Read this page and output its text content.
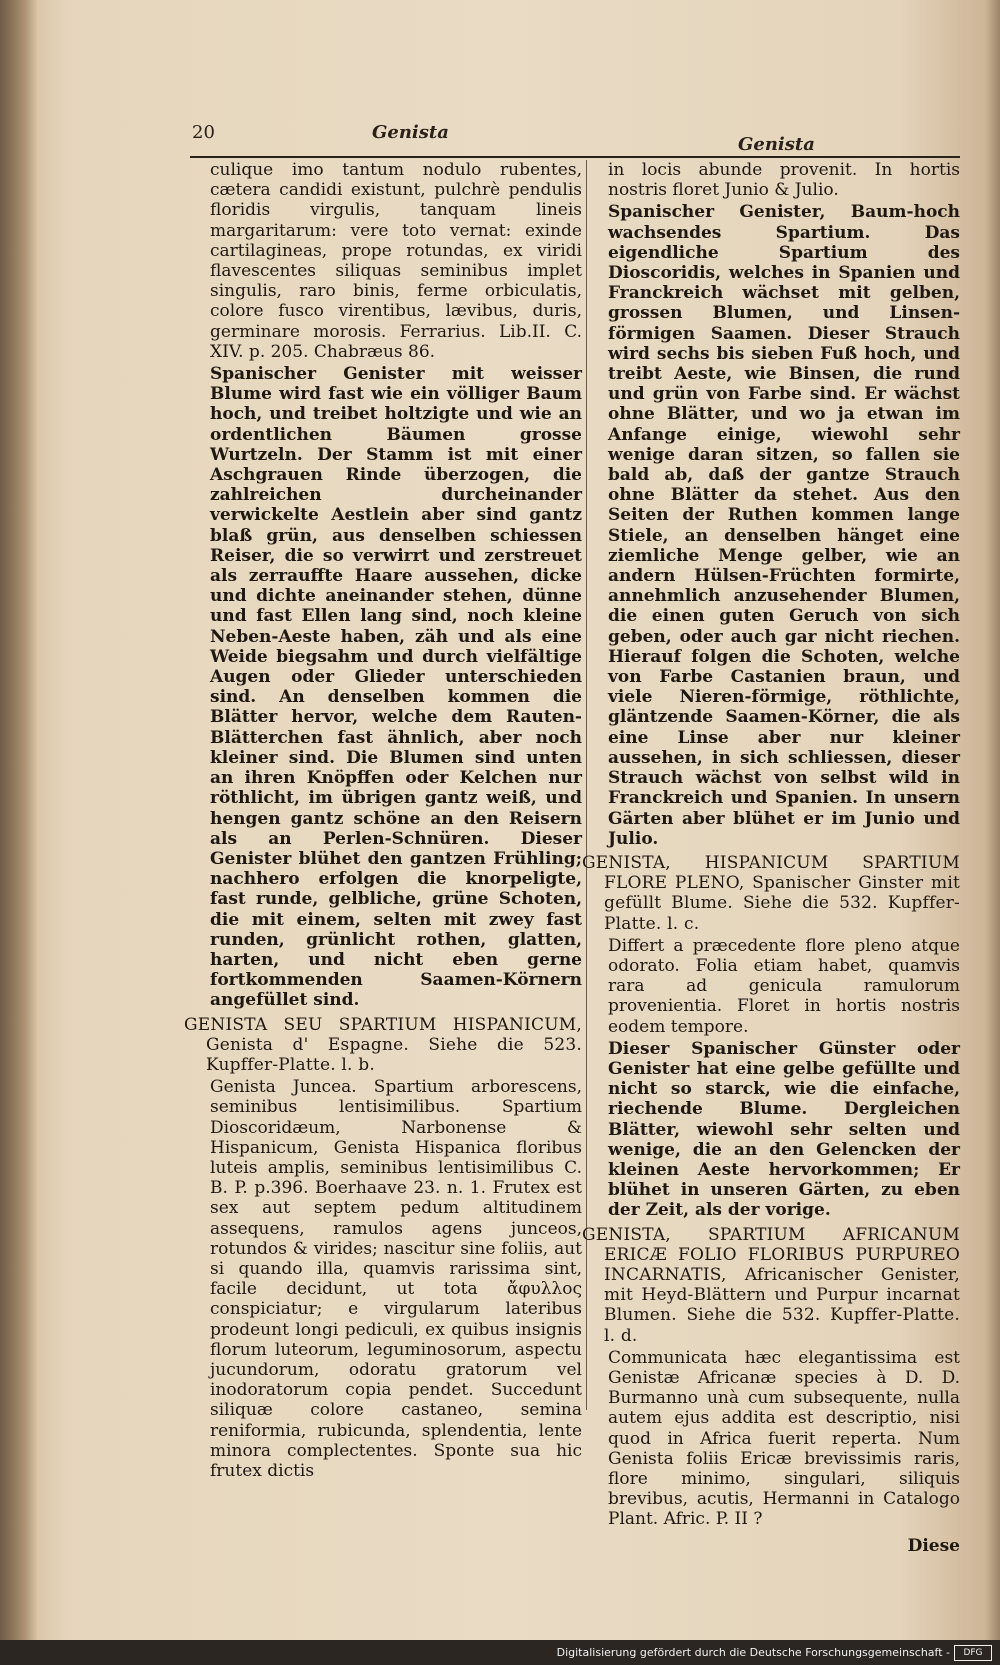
20	Genista
Genista

culique imo tantum nodulo rubentes, cætera candidi existunt, pulchrè pendulis floridis virgulis, tanquam lineis margaritarum: vere toto vernat: exinde cartilagineas, prope rotundas, ex viridi flavescentes siliquas seminibus implet singulis, raro binis, ferme orbiculatis, colore fusco virentibus, lævibus, duris, germinare morosis. Ferrarius. Lib.II. C. XIV. p. 205. Chabræus 86.

Spanischer Genister mit weisser Blume wird fast wie ein völliger Baum hoch, und treibet holtzigte und wie an ordentlichen Bäumen grosse Wurtzeln. Der Stamm ist mit einer Aschgrauen Rinde überzogen, die zahlreichen durcheinander verwickelte Aestlein aber sind gantz blaß grün, aus denselben schiessen Reiser, die so verwirrt und zerstreuet als zerrauffte Haare aussehen, dicke und dichte aneinander stehen, dünne und fast Ellen lang sind, noch kleine Neben-Aeste haben, zäh und als eine Weide biegsahm und durch vielfältige Augen oder Glieder unterschieden sind. An denselben kommen die Blätter hervor, welche dem Rauten-Blätterchen fast ähnlich, aber noch kleiner sind. Die Blumen sind unten an ihren Knöpffen oder Kelchen nur röthlicht, im übrigen gantz weiß, und hengen gantz schöne an den Reisern als an Perlen-Schnüren. Dieser Genister blühet den gantzen Frühling; nachhero erfolgen die knorpeligte, fast runde, gelbliche, grüne Schoten, die mit einem, selten mit zwey fast runden, grünlicht rothen, glatten, harten, und nicht eben gerne fortkommenden Saamen-Körnern angefüllet sind.

GENISTA SEU SPARTIUM HISPANICUM, Genista d' Espagne. Siehe die 523. Kupffer-Platte. l. b.

Genista Juncea. Spartium arborescens, seminibus lentisimilibus. Spartium Dioscoridæum, Narbonense & Hispanicum, Genista Hispanica floribus luteis amplis, seminibus lentisimilibus C. B. P. p.396. Boerhaave 23. n. 1. Frutex est sex aut septem pedum altitudinem assequens, ramulos agens junceos, rotundos & virides; nascitur sine foliis, aut si quando illa, quamvis rarissima sint, facile decidunt, ut tota ἄφυλλος conspiciatur; e virgularum lateribus prodeunt longi pediculi, ex quibus insignis florum luteorum, leguminosorum, aspectu jucundorum, odoratu gratorum vel inodoratorum copia pendet. Succedunt siliquæ colore castaneo, semina reniformia, rubicunda, splendentia, lente minora complectentes. Sponte sua hic frutex dictis

in locis abunde provenit. In hortis nostris floret Junio & Julio.

Spanischer Genister, Baum-hoch wachsendes Spartium. Das eigendliche Spartium des Dioscoridis, welches in Spanien und Franckreich wächset mit gelben, grossen Blumen, und Linsen-förmigen Saamen. Dieser Strauch wird sechs bis sieben Fuß hoch, und treibt Aeste, wie Binsen, die rund und grün von Farbe sind. Er wächst ohne Blätter, und wo ja etwan im Anfange einige, wiewohl sehr wenige daran sitzen, so fallen sie bald ab, daß der gantze Strauch ohne Blätter da stehet. Aus den Seiten der Ruthen kommen lange Stiele, an denselben hänget eine ziemliche Menge gelber, wie an andern Hülsen-Früchten formirte, annehmlich anzusehender Blumen, die einen guten Geruch von sich geben, oder auch gar nicht riechen. Hierauf folgen die Schoten, welche von Farbe Castanien braun, und viele Nieren-förmige, röthlichte, gläntzende Saamen-Körner, die als eine Linse aber nur kleiner aussehen, in sich schliessen, dieser Strauch wächst von selbst wild in Franckreich und Spanien. In unsern Gärten aber blühet er im Junio und Julio.

GENISTA, HISPANICUM SPARTIUM FLORE PLENO, Spanischer Ginster mit gefüllt Blume. Siehe die 532. Kupffer-Platte. l. c.

Differt a præcedente flore pleno atque odorato. Folia etiam habet, quamvis rara ad genicula ramulorum provenientia. Floret in hortis nostris eodem tempore.

Dieser Spanischer Günster oder Genister hat eine gelbe gefüllte und nicht so starck, wie die einfache, riechende Blume. Dergleichen Blätter, wiewohl sehr selten und wenige, die an den Gelencken der kleinen Aeste hervorkommen; Er blühet in unseren Gärten, zu eben der Zeit, als der vorige.

GENISTA, SPARTIUM AFRICANUM ERICÆ FOLIO FLORIBUS PURPUREO INCARNATIS, Africanischer Genister, mit Heyd-Blättern und Purpur incarnat Blumen. Siehe die 532. Kupffer-Platte. l. d.

Communicata hæc elegantissima est Genistæ Africanæ species à D. D. Burmanno unà cum subsequente, nulla autem ejus addita est descriptio, nisi quod in Africa fuerit reperta. Num Genista foliis Ericæ brevissimis raris, flore minimo, singulari, siliquis brevibus, acutis, Hermanni in Catalogo Plant. Afric. P. II ?

Diese

Digitalisierung gefördert durch die Deutsche Forschungsgemeinschaft -	DFG
